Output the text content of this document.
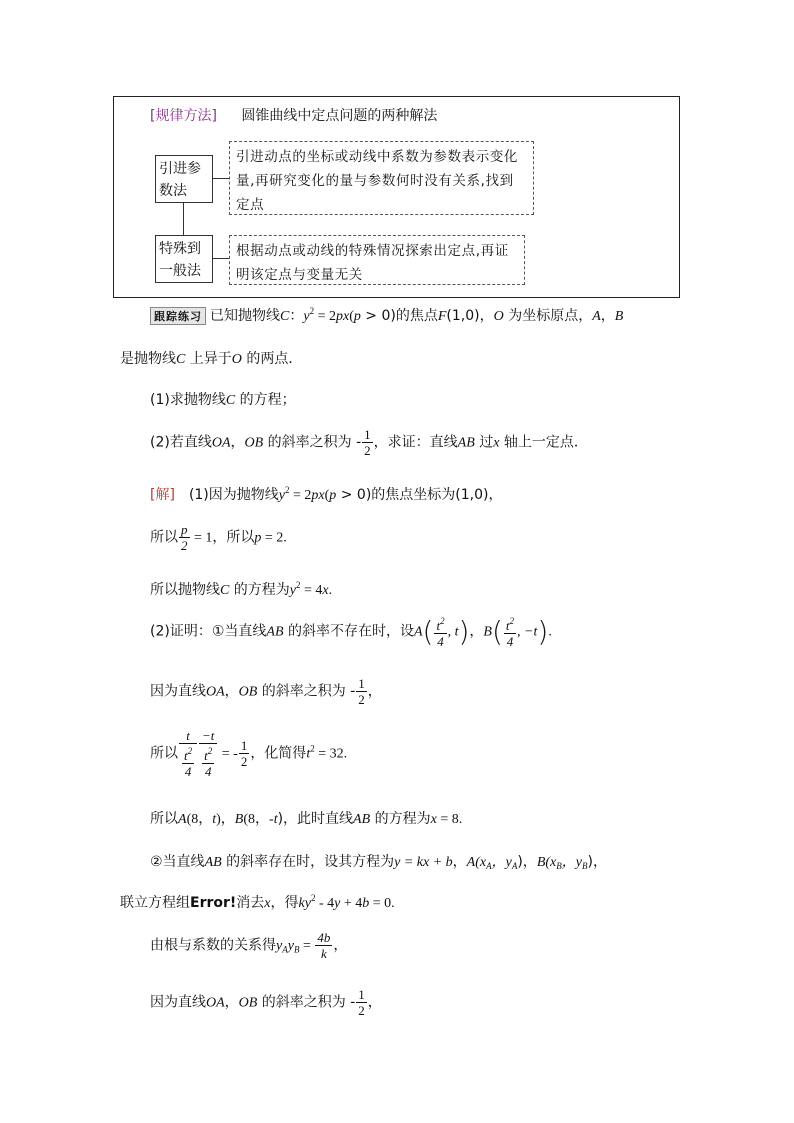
[规律方法] 圆锥曲线中定点问题的两种解法
引进参数法
引进动点的坐标或动线中系数为参数表示变化量,再研究变化的量与参数何时没有关系,找到定点
特殊到一般法
根据动点或动线的特殊情况探索出定点,再证明该定点与变量无关
跟踪练习 已知抛物线C：$y^2 = 2px(p > 0)$的焦点F(1,0)，O 为坐标原点，A，B
是抛物线C 上异于O 的两点．
(1)求抛物线C 的方程；
(2)若直线OA，OB 的斜率之积为 - $\frac{1}{2}$ ，求证：直线AB 过x 轴上一定点．
[解] (1)因为抛物线$y^2 = 2px(p > 0)$的焦点坐标为(1,0)，
所以 $\frac{p}{2} = 1$，所以p = 2.
所以抛物线C 的方程为$y^2 = 4x$.
(2)证明：①当直线AB 的斜率不存在时，设$A( \frac{t^2}{4}$ , t)，$B( \frac{t^2}{4}$ , −t).
因为直线OA，OB 的斜率之积为 - $\frac{1}{2}$ ，
所以 $\frac{t}{\frac{t^2}{4}} \frac{-t}{\frac{t^2}{4}}$ = - $\frac{1}{2}$ ，化简得$t^2 = 32$.
所以A(8，t)，B(8，-t)，此时直线AB 的方程为x = 8.
②当直线AB 的斜率存在时，设其方程为y = kx + b，$A(x_A$，$y_A$)，$B(x_B$，$y_B$)，
联立方程组Error!消去x，得$ky^2 - 4y + 4b = 0$.
由根与系数的关系得$y_Ay_B = \frac{4b}{k}$ ，
因为直线OA，OB 的斜率之积为 - $\frac{1}{2}$ ，
